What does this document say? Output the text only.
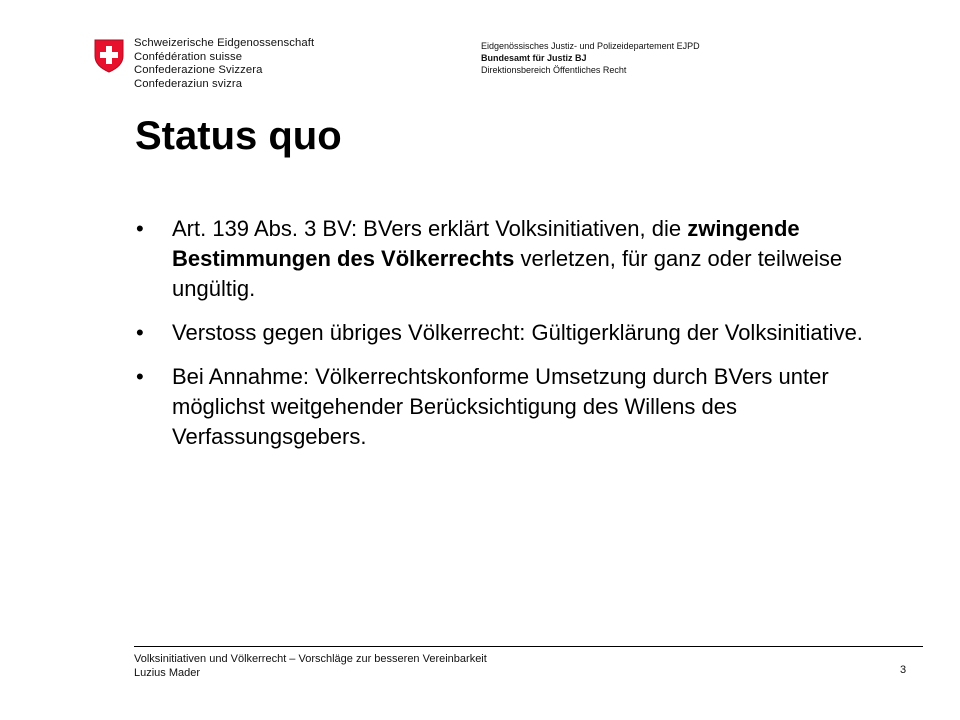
Schweizerische Eidgenossenschaft
Confédération suisse
Confederazione Svizzera
Confederaziun svizra
Eidgenössisches Justiz- und Polizeidepartement EJPD
Bundesamt für Justiz BJ
Direktionsbereich Öffentliches Recht
Status quo
• Art. 139 Abs. 3 BV: BVers erklärt Volksinitiativen, die zwingende Bestimmungen des Völkerrechts verletzen, für ganz oder teilweise ungültig.
• Verstoss gegen übriges Völkerrecht: Gültigerklärung der Volksinitiative.
• Bei Annahme: Völkerrechtskonforme Umsetzung durch BVers unter möglichst weitgehender Berücksichtigung des Willens des Verfassungsgebers.
Volksinitiativen und Völkerrecht – Vorschläge zur besseren Vereinbarkeit
Luzius Mader	3
